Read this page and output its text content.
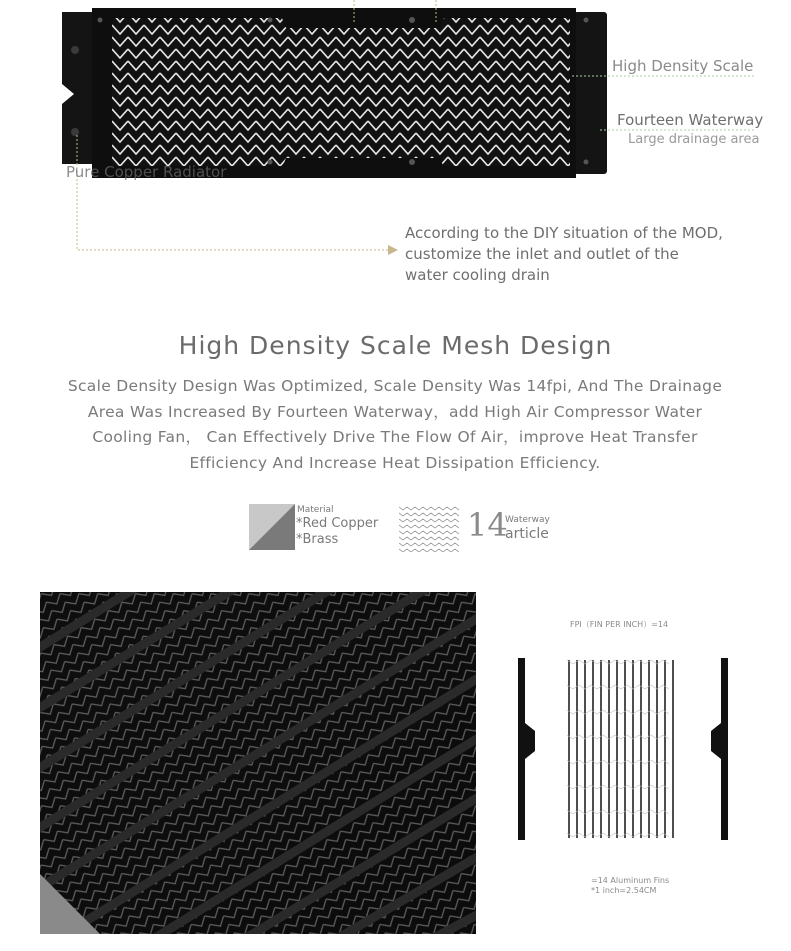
High Density Scale
Fourteen Waterway
Large drainage area
Pure Copper Radiator
According to the DIY situation of the MOD,
customize the inlet and outlet of the
water cooling drain
High Density Scale Mesh Design
Scale Density Design Was Optimized, Scale Density Was 14fpi, And The Drainage
Area Was Increased By Fourteen Waterway，add High Air Compressor Water
Cooling Fan， Can Effectively Drive The Flow Of Air，improve Heat Transfer
Efficiency And Increase Heat Dissipation Efficiency.
Material
*Red Copper
*Brass	14
Waterway
article
FPI（FIN PER INCH）=14
=14 Aluminum Fins
*1 inch=2.54CM
